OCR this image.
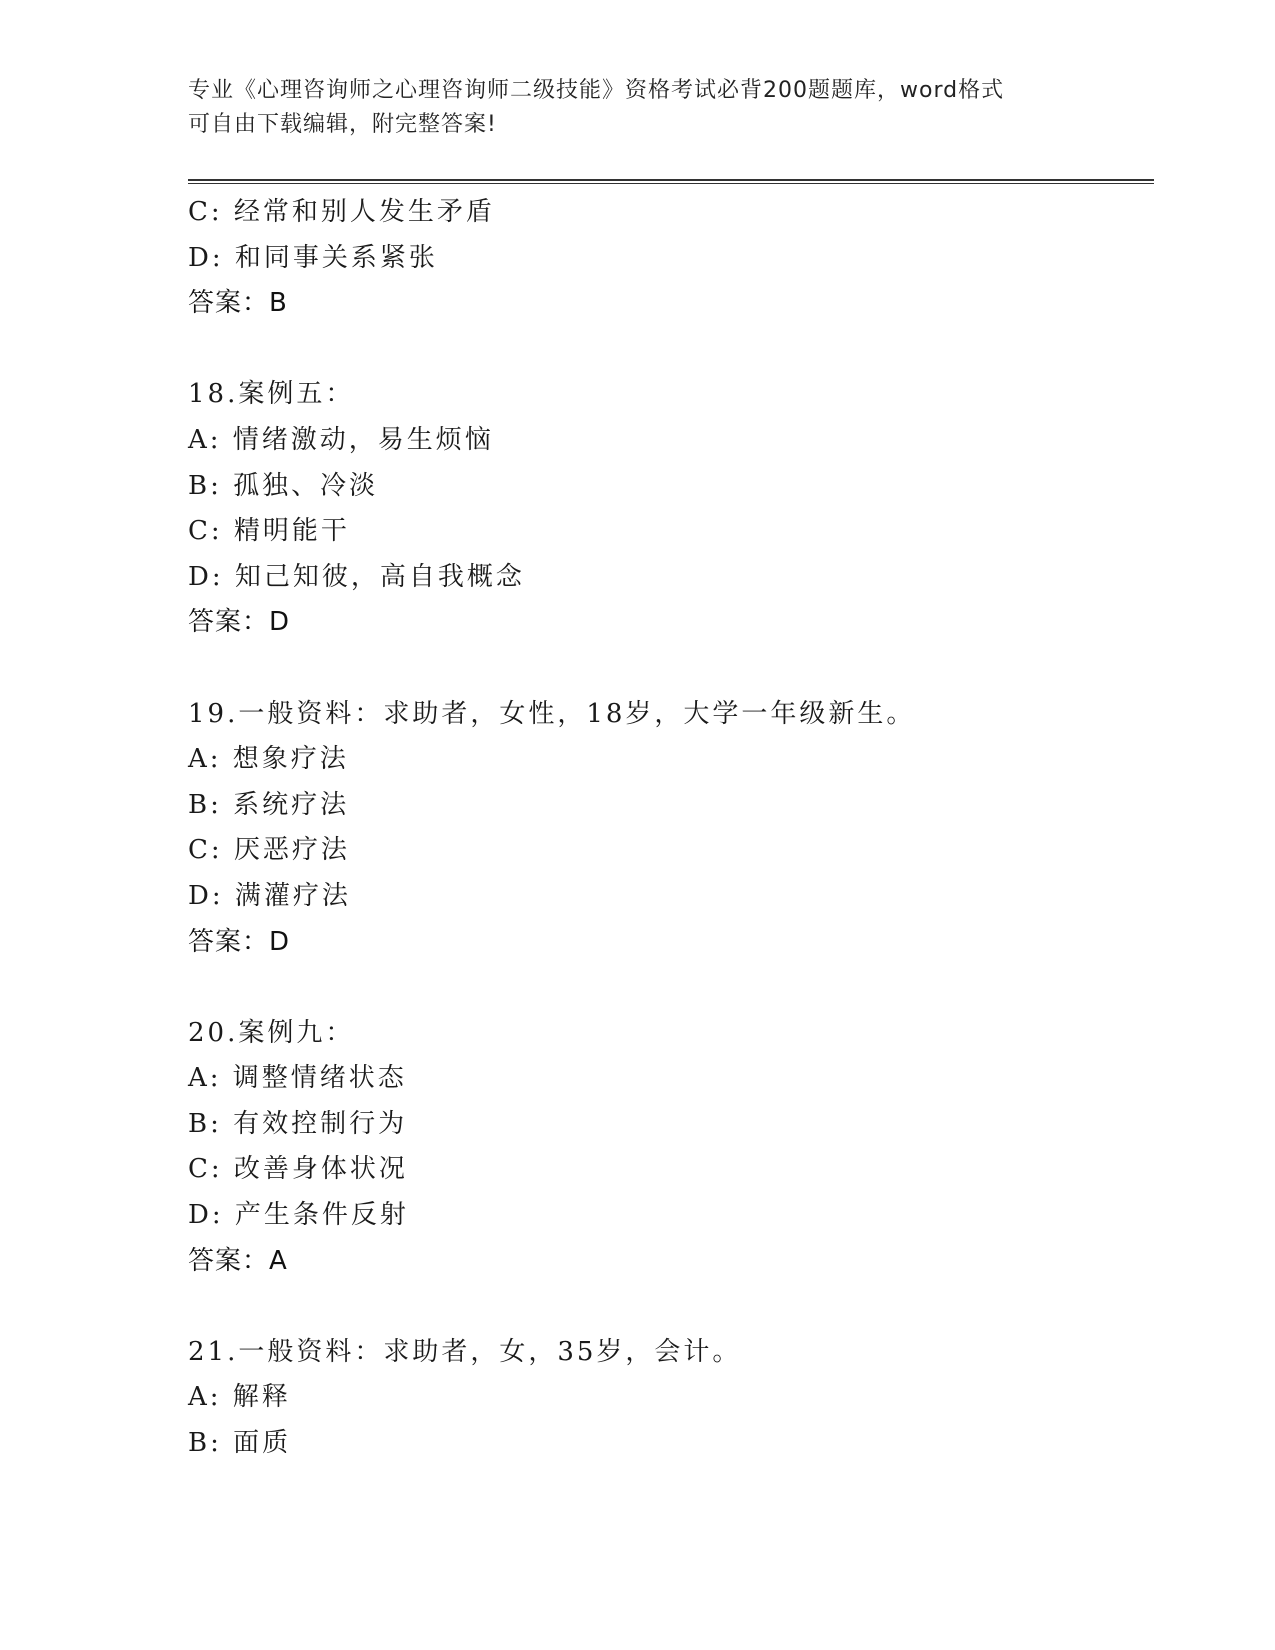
专业《心理咨询师之心理咨询师二级技能》资格考试必背200题题库，word格式
可自由下载编辑，附完整答案!
C: 经常和别人发生矛盾
D: 和同事关系紧张
答案：B
18.案例五：
A: 情绪激动，易生烦恼
B: 孤独、冷淡
C: 精明能干
D: 知己知彼，高自我概念
答案：D
19.一般资料：求助者，女性，18岁，大学一年级新生。
A: 想象疗法
B: 系统疗法
C: 厌恶疗法
D: 满灌疗法
答案：D
20.案例九：
A: 调整情绪状态
B: 有效控制行为
C: 改善身体状况
D: 产生条件反射
答案：A
21.一般资料：求助者，女，35岁，会计。
A: 解释
B: 面质
